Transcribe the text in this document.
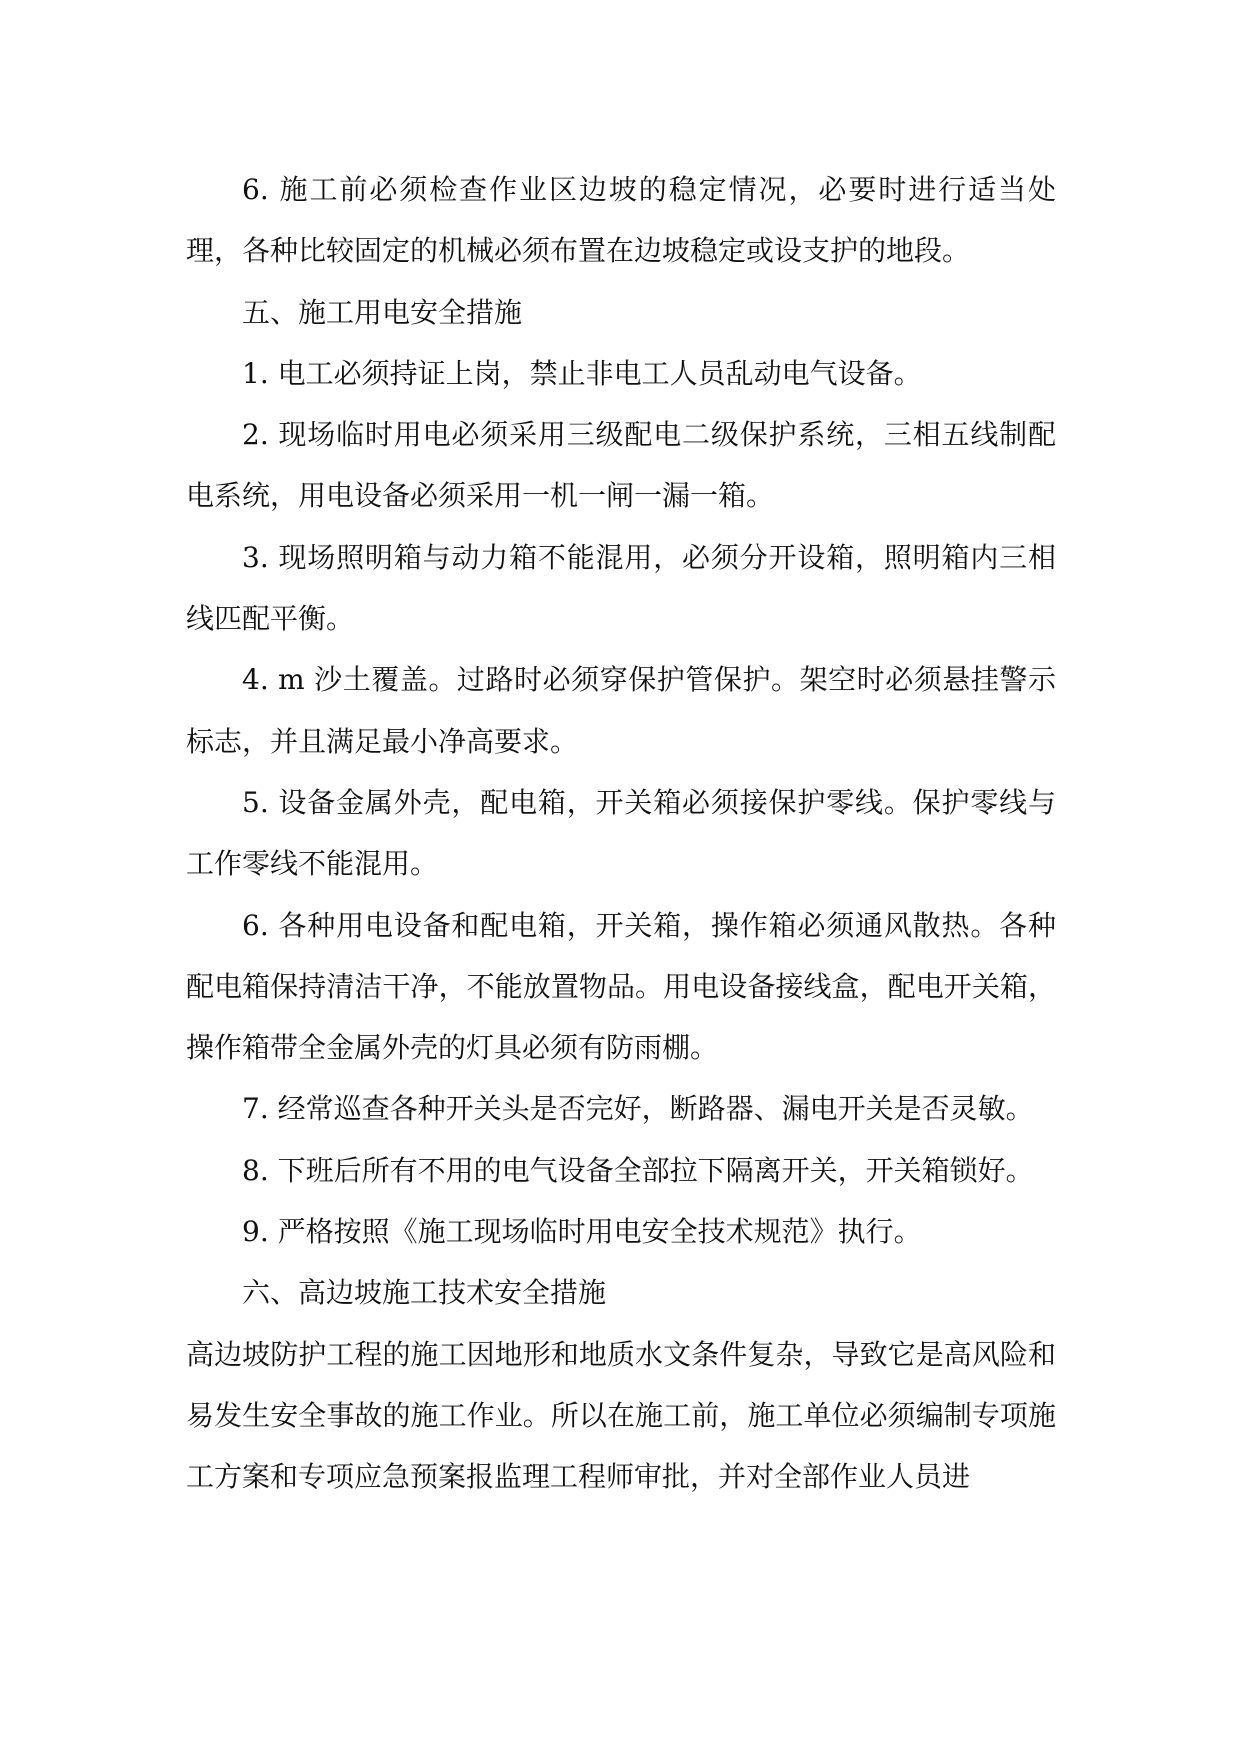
6. 施工前必须检查作业区边坡的稳定情况，必要时进行适当处理，各种比较固定的机械必须布置在边坡稳定或设支护的地段。

五、施工用电安全措施

1. 电工必须持证上岗，禁止非电工人员乱动电气设备。

2. 现场临时用电必须采用三级配电二级保护系统，三相五线制配电系统，用电设备必须采用一机一闸一漏一箱。

3. 现场照明箱与动力箱不能混用，必须分开设箱，照明箱内三相线匹配平衡。

4. m 沙土覆盖。过路时必须穿保护管保护。架空时必须悬挂警示标志，并且满足最小净高要求。

5. 设备金属外壳，配电箱，开关箱必须接保护零线。保护零线与工作零线不能混用。

6. 各种用电设备和配电箱，开关箱，操作箱必须通风散热。各种配电箱保持清洁干净，不能放置物品。用电设备接线盒，配电开关箱，操作箱带全金属外壳的灯具必须有防雨棚。

7. 经常巡查各种开关头是否完好，断路器、漏电开关是否灵敏。

8. 下班后所有不用的电气设备全部拉下隔离开关，开关箱锁好。

9. 严格按照《施工现场临时用电安全技术规范》执行。

六、高边坡施工技术安全措施

高边坡防护工程的施工因地形和地质水文条件复杂，导致它是高风险和易发生安全事故的施工作业。所以在施工前，施工单位必须编制专项施工方案和专项应急预案报监理工程师审批，并对全部作业人员进
